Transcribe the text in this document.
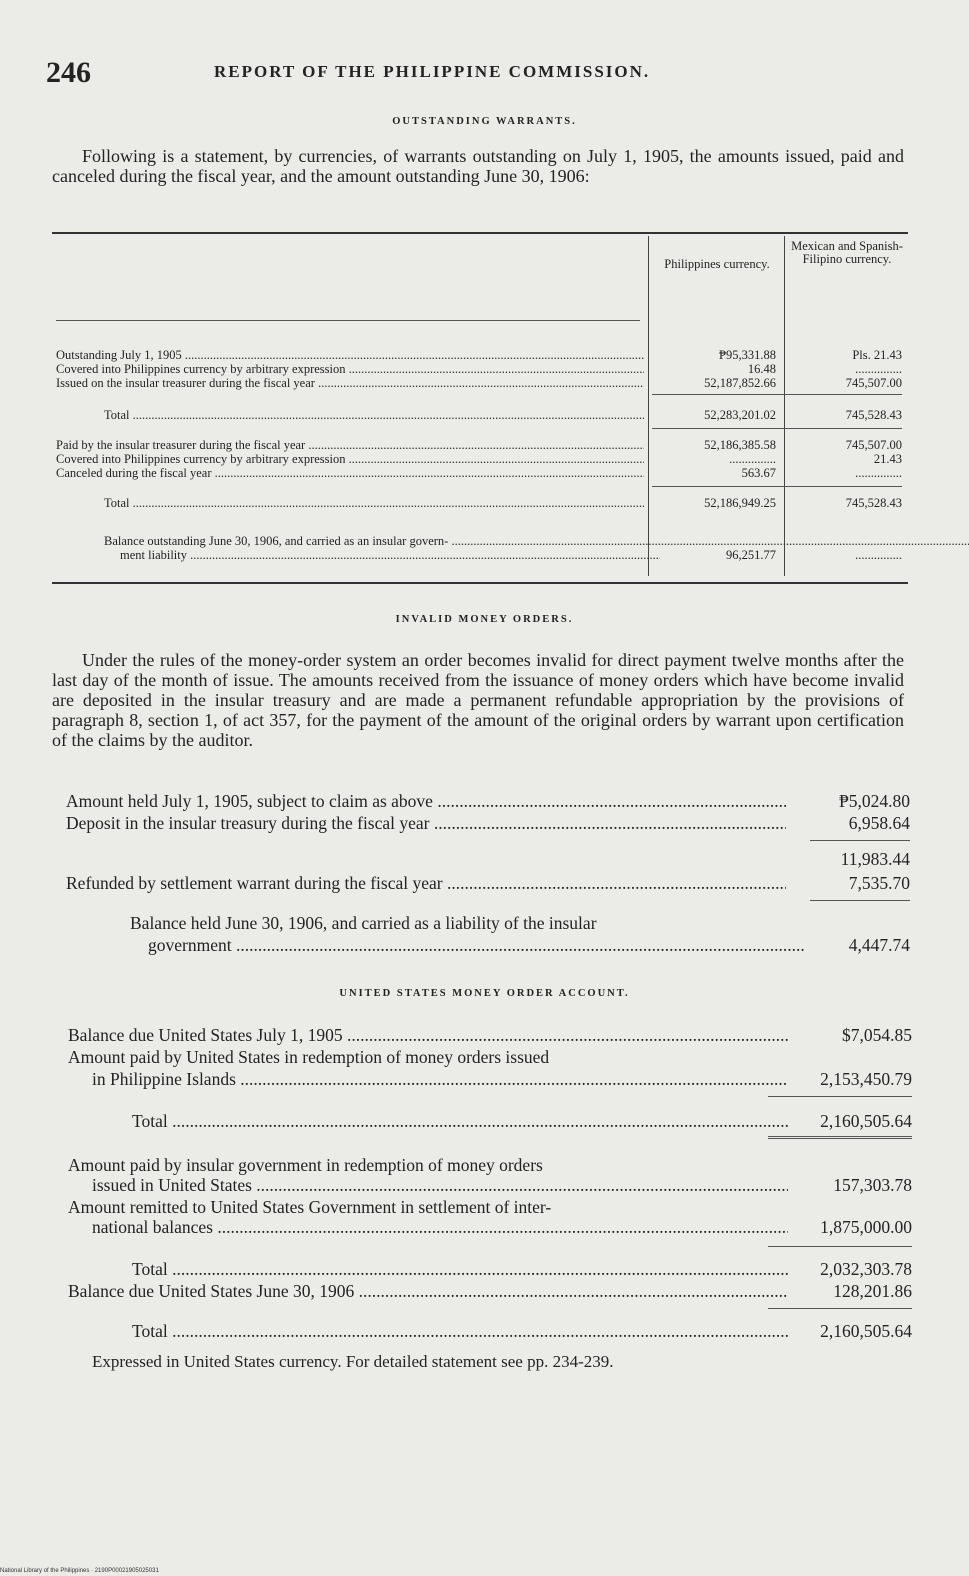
246	REPORT OF THE PHILIPPINE COMMISSION.
OUTSTANDING WARRANTS.
Following is a statement, by currencies, of warrants outstanding on July 1, 1905, the amounts issued, paid and canceled during the fiscal year, and the amount outstanding June 30, 1906:
Philippines currency.
Mexican and Spanish-Filipino currency.
Outstanding July 1, 1905 .....	₱95,331.88	Pls. 21.43
Covered into Philippines currency by arbitrary expression .....	16.48
.....
Issued on the insular treasurer during the fiscal year .....	52,187,852.66	745,507.00
Total .....	52,283,201.02	745,528.43
Paid by the insular treasurer during the fiscal year .....	52,186,385.58	745,507.00
Covered into Philippines currency by arbitrary expression .....
.....	21.43
Canceled during the fiscal year .....	563.67
.....
Total .....	52,186,949.25	745,528.43
Balance outstanding June 30, 1906, and carried as an insular govern- .....
ment liability .....	96,251.77
.....
INVALID MONEY ORDERS.
Under the rules of the money-order system an order becomes invalid for direct payment twelve months after the last day of the month of issue. The amounts received from the issuance of money orders which have become invalid are deposited in the insular treasury and are made a permanent refundable appropriation by the provisions of paragraph 8, section 1, of act 357, for the payment of the amount of the original orders by warrant upon certification of the claims by the auditor.
Amount held July 1, 1905, subject to claim as above .....	₱5,024.80
Deposit in the insular treasury during the fiscal year .....	6,958.64
11,983.44
Refunded by settlement warrant during the fiscal year .....	7,535.70
Balance held June 30, 1906, and carried as a liability of the insular
government .....	4,447.74
UNITED STATES MONEY ORDER ACCOUNT.
Balance due United States July 1, 1905 .....	$7,054.85
Amount paid by United States in redemption of money orders issued
in Philippine Islands .....	2,153,450.79
Total .....	2,160,505.64
Amount paid by insular government in redemption of money orders
issued in United States .....	157,303.78
Amount remitted to United States Government in settlement of inter-
national balances .....	1,875,000.00
Total .....	2,032,303.78
Balance due United States June 30, 1906 .....	128,201.86
Total .....	2,160,505.64
Expressed in United States currency. For detailed statement see pp. 234-239.
National Library of the Philippines · 2190P00021905025031
